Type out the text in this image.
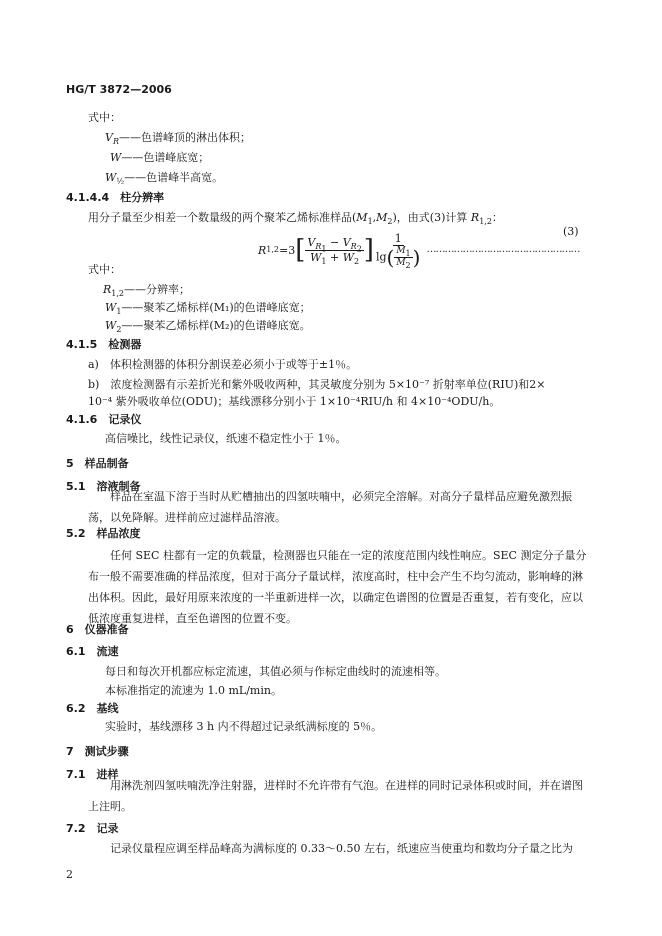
HG/T 3872—2006
式中：
$V_R——$色谱峰顶的淋出体积；
W——色谱峰底宽；
$W_{\frac{1}{2}}——$色谱峰半高宽。
4.1.4.4　 柱分辨率
用分子量至少相差一个数量级的两个聚苯乙烯标准样品$(M_1,M_2)$，由式(3)计算 $R_{1,2}$：
R 1,2 =3 [ $\frac{V_{R_1} - V_{R_2}}{W_1 + W_2}$ ] $\frac{1}{\lg( \frac{M_1}{M_2} )}$ ……………………………………………
(3)
式中：
$R_{1,2}——$分辨率；
$W_1——$聚苯乙烯标样(M₁)的色谱峰底宽；
$W_2——$聚苯乙烯标样(M₂)的色谱峰底宽。
4.1.5　 检测器
a)　体积检测器的体积分割误差必须小于或等于±1％。
b)　浓度检测器有示差折光和紫外吸收两种，其灵敏度分别为 5×10⁻⁷ 折射率单位(RIU)和2×
10⁻⁴ 紫外吸收单位(ODU)；基线漂移分别小于 1×10⁻⁴RIU/h 和 4×10⁻⁴ODU/h。
4.1.6　 记录仪
高信噪比，线性记录仪，纸速不稳定性小于 1％。
5　 样品制备
5.1　 溶液制备
样品在室温下溶于当时从贮槽抽出的四氢呋喃中，必须完全溶解。对高分子量样品应避免激烈振荡，以免降解。进样前应过滤样品溶液。
5.2　 样品浓度
任何 SEC 柱都有一定的负载量，检测器也只能在一定的浓度范围内线性响应。SEC 测定分子量分布一般不需要准确的样品浓度，但对于高分子量试样，浓度高时，柱中会产生不均匀流动，影响峰的淋出体积。因此，最好用原来浓度的一半重新进样一次，以确定色谱图的位置是否重复，若有变化，应以低浓度重复进样，直至色谱图的位置不变。
6　 仪器准备
6.1　 流速
每日和每次开机都应标定流速，其值必须与作标定曲线时的流速相等。
本标准指定的流速为 1.0 mL/min。
6.2　 基线
实验时，基线漂移 3 h 内不得超过记录纸满标度的 5％。
7　 测试步骤
7.1　 进样
用淋洗剂四氢呋喃洗净注射器，进样时不允许带有气泡。在进样的同时记录体积或时间，并在谱图上注明。
7.2　 记录
记录仪量程应调至样品峰高为满标度的 0.33～0.50 左右，纸速应当使重均和数均分子量之比为
2
